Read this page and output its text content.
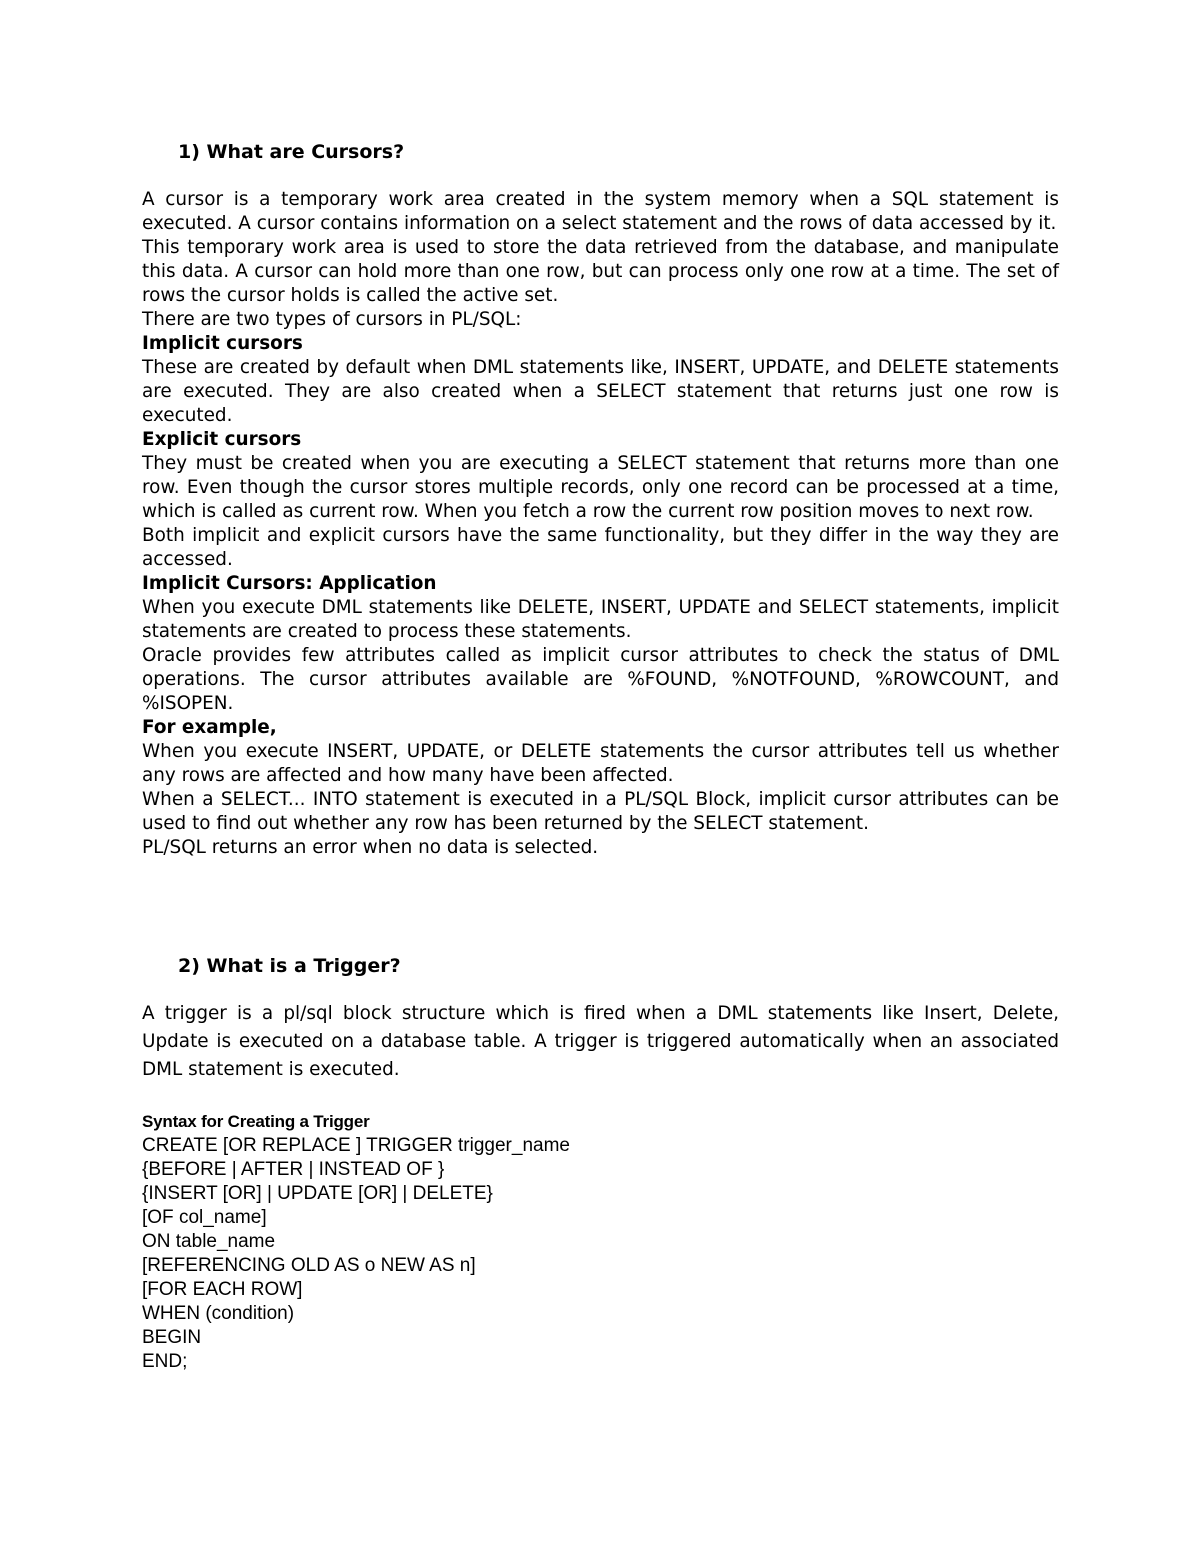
1) What are Cursors?

A cursor is a temporary work area created in the system memory when a SQL statement is executed. A cursor contains information on a select statement and the rows of data accessed by it.

This temporary work area is used to store the data retrieved from the database, and manipulate this data. A cursor can hold more than one row, but can process only one row at a time. The set of rows the cursor holds is called the active set.

There are two types of cursors in PL/SQL:

Implicit cursors

These are created by default when DML statements like, INSERT, UPDATE, and DELETE statements are executed. They are also created when a SELECT statement that returns just one row is executed.

Explicit cursors

They must be created when you are executing a SELECT statement that returns more than one row. Even though the cursor stores multiple records, only one record can be processed at a time, which is called as current row. When you fetch a row the current row position moves to next row.

Both implicit and explicit cursors have the same functionality, but they differ in the way they are accessed.

Implicit Cursors: Application

When you execute DML statements like DELETE, INSERT, UPDATE and SELECT statements, implicit statements are created to process these statements.

Oracle provides few attributes called as implicit cursor attributes to check the status of DML operations. The cursor attributes available are %FOUND, %NOTFOUND, %ROWCOUNT, and %ISOPEN.

For example,

When you execute INSERT, UPDATE, or DELETE statements the cursor attributes tell us whether any rows are affected and how many have been affected.

When a SELECT... INTO statement is executed in a PL/SQL Block, implicit cursor attributes can be used to find out whether any row has been returned by the SELECT statement.

PL/SQL returns an error when no data is selected.

2) What is a Trigger?

A trigger is a pl/sql block structure which is fired when a DML statements like Insert, Delete, Update is executed on a database table. A trigger is triggered automatically when an associated DML statement is executed.

Syntax for Creating a Trigger
CREATE [OR REPLACE ] TRIGGER trigger_name
{BEFORE | AFTER | INSTEAD OF }
{INSERT [OR] | UPDATE [OR] | DELETE}
[OF col_name]
ON table_name
[REFERENCING OLD AS o NEW AS n]
[FOR EACH ROW]
WHEN (condition)
BEGIN
END;
